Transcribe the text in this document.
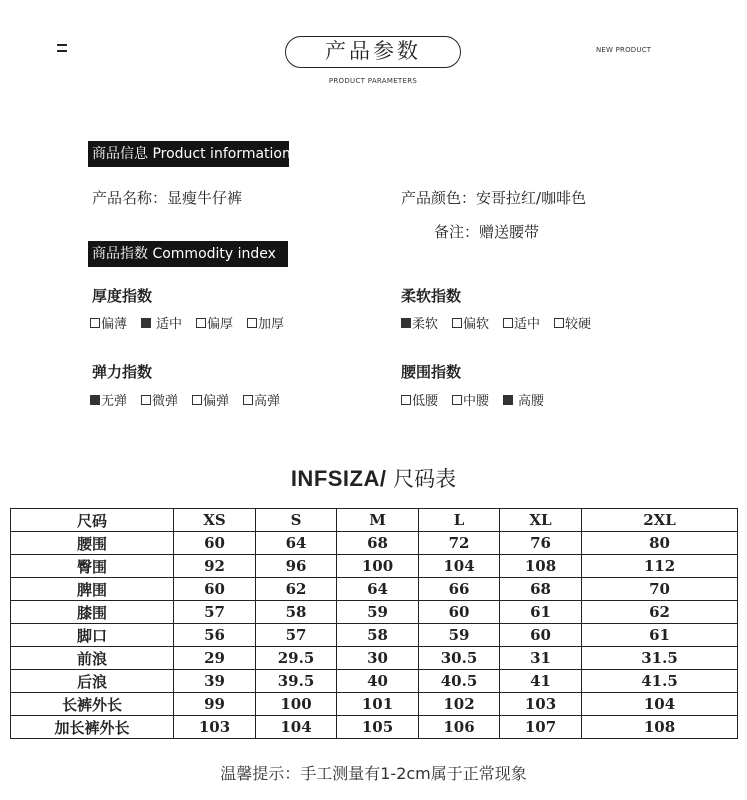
产品参数
PRODUCT PARAMETERS
NEW PRODUCT
商品信息 Product information
产品名称：显瘦牛仔裤	产品颜色：安哥拉红/咖啡色
备注：赠送腰带
商品指数 Commodity index
厚度指数
偏薄 适中 偏厚 加厚
柔软指数
柔软 偏软 适中 较硬
弹力指数
无弹 微弹 偏弹 高弹
腰围指数
低腰 中腰 高腰
INFSIZA/ 尺码表
尺码	XS	S	M	L	XL	2XL
腰围	60	64	68	72	76	80
臀围	92	96	100	104	108	112
脾围	60	62	64	66	68	70
膝围	57	58	59	60	61	62
脚口	56	57	58	59	60	61
前浪	29	29.5	30	30.5	31	31.5
后浪	39	39.5	40	40.5	41	41.5
长裤外长	99	100	101	102	103	104
加长裤外长	103	104	105	106	107	108
温馨提示：手工测量有1-2cm属于正常现象
